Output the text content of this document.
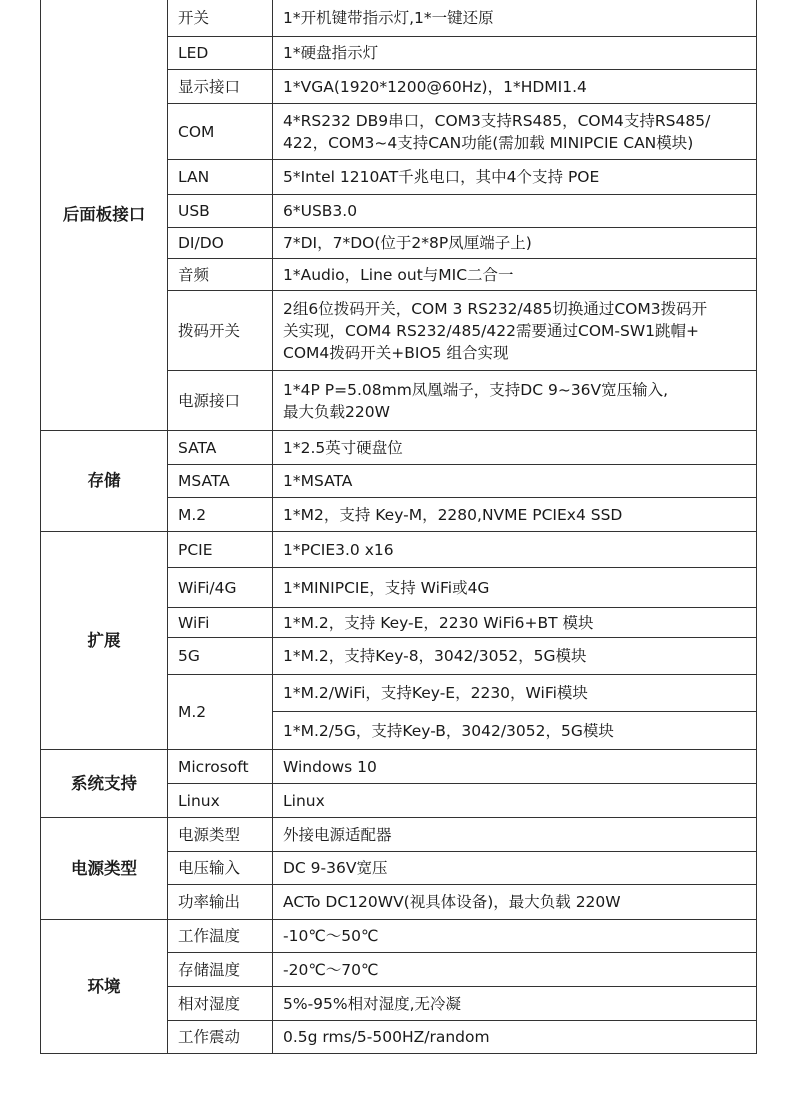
后面板接口	开关	1*开机键带指示灯,1*一键还原
	LED	1*硬盘指示灯
	显示接口	1*VGA(1920*1200@60Hz)，1*HDMI1.4
	COM	4*RS232 DB9串口，COM3支持RS485，COM4支持RS485/
422，COM3~4支持CAN功能(需加载 MINIPCIE CAN模块)
	LAN	5*Intel 1210AT千兆电口，其中4个支持 POE
	USB	6*USB3.0
	DI/DO	7*DI，7*DO(位于2*8P凤厘端子上)
	音频	1*Audio，Line out与MIC二合一
	拨码开关	2组6位拨码开关，COM 3 RS232/485切换通过COM3拨码开
关实现，COM4 RS232/485/422需要通过COM-SW1跳帽+
COM4拨码开关+BIO5 组合实现
	电源接口	1*4P P=5.08mm凤凰端子，支持DC 9~36V宽压输入,
最大负载220W
存储	SATA	1*2.5英寸硬盘位
	MSATA	1*MSATA
	M.2	1*M2，支持 Key-M，2280,NVME PCIEx4 SSD
扩展	PCIE	1*PCIE3.0 x16
	WiFi/4G	1*MINIPCIE，支持 WiFi或4G
	WiFi	1*M.2，支持 Key-E，2230 WiFi6+BT 模块
	5G	1*M.2，支持Key-8，3042/3052，5G模块
	M.2	1*M.2/WiFi，支持Key-E，2230，WiFi模块
		1*M.2/5G，支持Key-B，3042/3052，5G模块
系统支持	Microsoft	Windows 10
	Linux	Linux
电源类型	电源类型	外接电源适配器
	电压输入	DC 9-36V宽压
	功率输出	ACTo DC120WV(视具体设备)，最大负载 220W
环境	工作温度	-10℃～50℃
	存储温度	-20℃～70℃
	相对湿度	5%-95%相对湿度,无冷凝
	工作震动	0.5g rms/5-500HZ/random
